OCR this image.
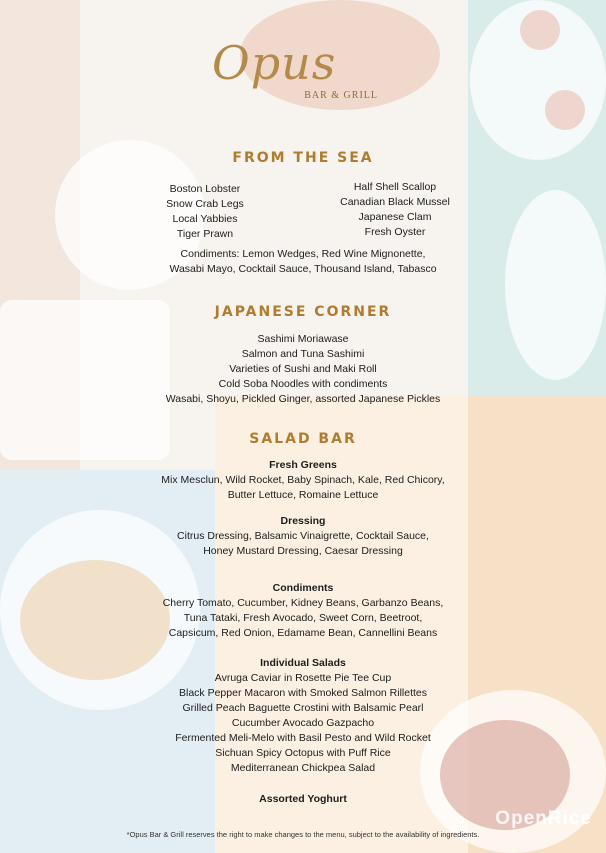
Opus
BAR & GRILL
FROM THE SEA
Boston Lobster
Snow Crab Legs
Local Yabbies
Tiger Prawn
Half Shell Scallop
Canadian Black Mussel
Japanese Clam
Fresh Oyster
Condiments: Lemon Wedges, Red Wine Mignonette,
Wasabi Mayo, Cocktail Sauce, Thousand Island, Tabasco
JAPANESE CORNER
Sashimi Moriawase
Salmon and Tuna Sashimi
Varieties of Sushi and Maki Roll
Cold Soba Noodles with condiments
Wasabi, Shoyu, Pickled Ginger, assorted Japanese Pickles
SALAD BAR
Fresh Greens
Mix Mesclun, Wild Rocket, Baby Spinach, Kale, Red Chicory,
Butter Lettuce, Romaine Lettuce
Dressing
Citrus Dressing, Balsamic Vinaigrette, Cocktail Sauce,
Honey Mustard Dressing, Caesar Dressing
Condiments
Cherry Tomato, Cucumber, Kidney Beans, Garbanzo Beans,
Tuna Tataki, Fresh Avocado, Sweet Corn, Beetroot,
Capsicum, Red Onion, Edamame Bean, Cannellini Beans
Individual Salads
Avruga Caviar in Rosette Pie Tee Cup
Black Pepper Macaron with Smoked Salmon Rillettes
Grilled Peach Baguette Crostini with Balsamic Pearl
Cucumber Avocado Gazpacho
Fermented Meli-Melo with Basil Pesto and Wild Rocket
Sichuan Spicy Octopus with Puff Rice
Mediterranean Chickpea Salad
Assorted Yoghurt
*Opus Bar & Grill reserves the right to make changes to the menu, subject to the availability of ingredients.
OpenRice
